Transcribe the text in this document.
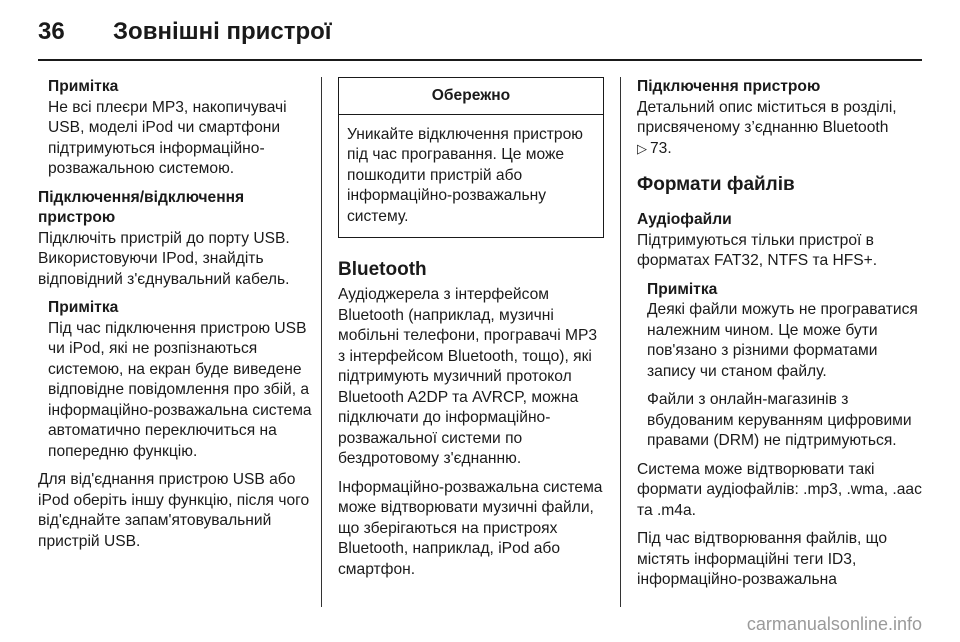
36	Зовнішні пристрої
Примітка
Не всі плеєри MP3, накопичувачі USB, моделі iPod чи смартфони підтримуються інформаційно-розважальною системою.
Підключення/відключення пристрою

Підключіть пристрій до порту USB. Використовуючи IPod, знайдіть відповідний з'єднувальний кабель.

Примітка
Під час підключення пристрою USB чи iPod, які не розпізнаються системою, на екран буде виведене відповідне повідомлення про збій, а інформаційно-розважальна система автоматично переключиться на попередню функцію.

Для від'єднання пристрою USB або iPod оберіть іншу функцію, після чого від'єднайте запам'ятовувальний пристрій USB.

Обережно
Уникайте відключення пристрою під час програвання. Це може пошкодити пристрій або інформаційно-розважальну систему.
Bluetooth

Аудіоджерела з інтерфейсом Bluetooth (наприклад, музичні мобільні телефони, програвачі MP3 з інтерфейсом Bluetooth, тощо), які підтримують музичний протокол Bluetooth A2DP та AVRCP, можна підключати до інформаційно-розважальної системи по бездротовому з'єднанню.

Інформаційно-розважальна система може відтворювати музичні файли, що зберігаються на пристроях Bluetooth, наприклад, iPod або смартфон.

Підключення пристрою

Детальний опис міститься в розділі, присвяченому з’єднанню Bluetooth
▷ 73.

Формати файлів
Аудіофайли

Підтримуються тільки пристрої в форматах FAT32, NTFS та HFS+.

Примітка

Деякі файли можуть не програватися належним чином. Це може бути пов'язано з різними форматами запису чи станом файлу.

Файли з онлайн-магазинів з вбудованим керуванням цифровими правами (DRM) не підтримуються.

Система може відтворювати такі формати аудіофайлів: .mp3, .wma, .aac та .m4a.

Під час відтворювання файлів, що містять інформаційні теги ID3, інформаційно-розважальна

carmanualsonline.info
